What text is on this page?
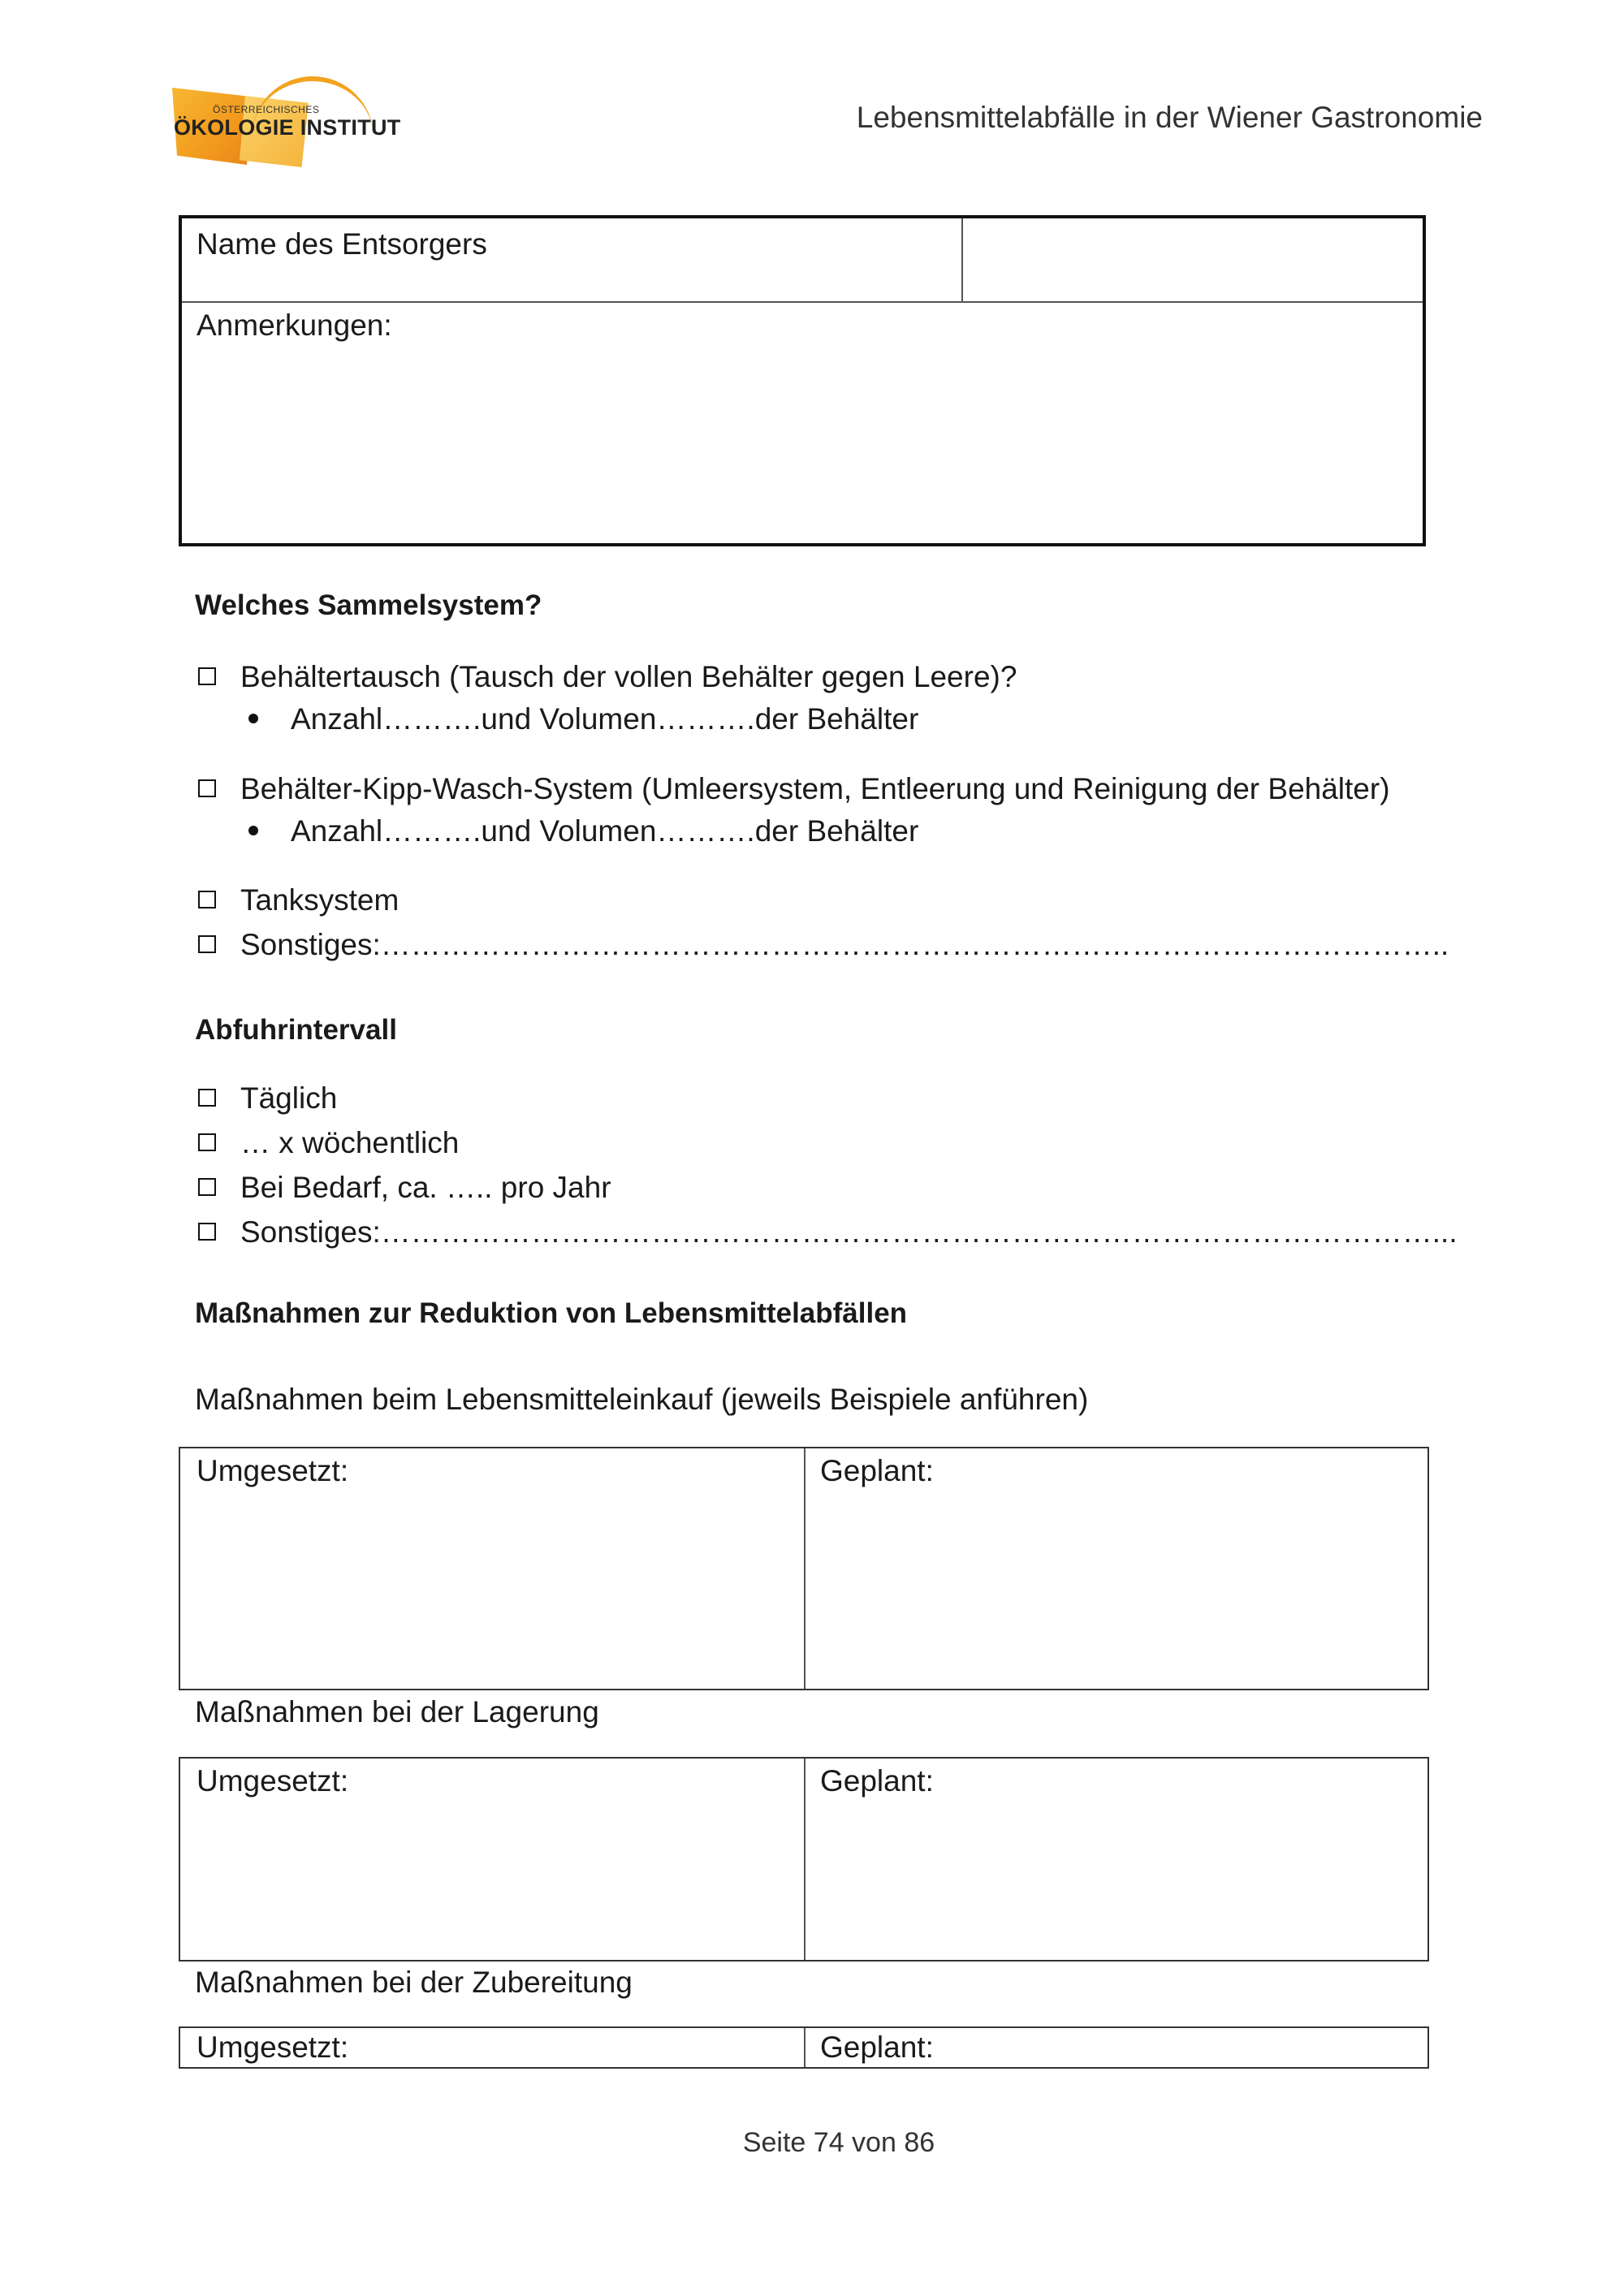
ÖSTERREICHISCHES
ÖKOLOGIE INSTITUT	Lebensmittelabfälle in der Wiener Gastronomie
Name des Entsorgers
Anmerkungen:
Welches Sammelsystem?
Behältertausch (Tausch der vollen Behälter gegen Leere)?
Anzahl……….und Volumen……….der Behälter
Behälter-Kipp-Wasch-System (Umleersystem, Entleerung und Reinigung der Behälter)
Anzahl……….und Volumen……….der Behälter
Tanksystem
Sonstiges:……………………………………………………………………………………………..
Abfuhrintervall
Täglich
… x wöchentlich
Bei Bedarf, ca. ….. pro Jahr
Sonstiges:……………………………………………………………………………………………...
Maßnahmen zur Reduktion von Lebensmittelabfällen
Maßnahmen beim Lebensmitteleinkauf (jeweils Beispiele anführen)
Umgesetzt:	Geplant:
Maßnahmen bei der Lagerung
Umgesetzt:	Geplant:
Maßnahmen bei der Zubereitung
Umgesetzt:	Geplant:
Seite 74 von 86
